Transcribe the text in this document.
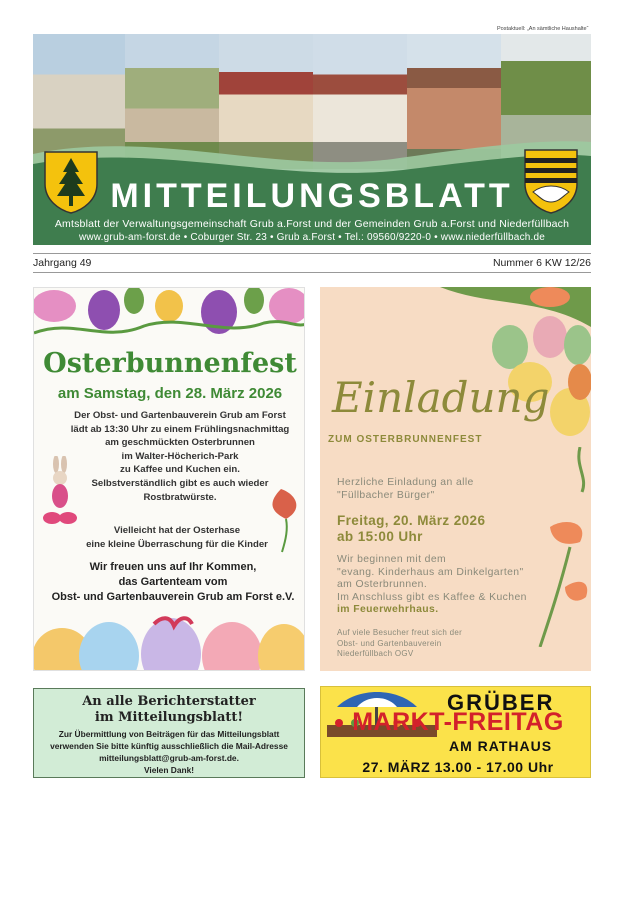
Postaktuell: „An sämtliche Haushalte“
MITTEILUNGSBLATT
Amtsblatt der Verwaltungsgemeinschaft Grub a.Forst und der Gemeinden Grub a.Forst und Niederfüllbach
www.grub-am-forst.de • Coburger Str. 23 • Grub a.Forst • Tel.: 09560/9220-0 • www.niederfüllbach.de
Jahrgang 49	Nummer 6 KW 12/26
Osterbunnenfest
am Samstag, den 28. März 2026
Der Obst- und Gartenbauverein Grub am Forst
lädt ab 13:30 Uhr zu einem Frühlingsnachmittag
am geschmückten Osterbrunnen
im Walter-Höcherich-Park
zu Kaffee und Kuchen ein.
Selbstverständlich gibt es auch wieder
Rostbratwürste.
Vielleicht hat der Osterhase
eine kleine Überraschung für die Kinder
Wir freuen uns auf Ihr Kommen,
das Gartenteam vom
Obst- und Gartenbauverein Grub am Forst e.V.
Einladung
ZUM OSTERBRUNNENFEST
Herzliche Einladung an alle
"Füllbacher Bürger"
Freitag, 20. März 2026
ab 15:00 Uhr
Wir beginnen mit dem
"evang. Kinderhaus am Dinkelgarten"
am Osterbrunnen.
Im Anschluss gibt es Kaffee & Kuchen
im Feuerwehrhaus.
Auf viele Besucher freut sich der
Obst- und Gartenbauverein
Niederfüllbach OGV
An alle Berichterstatter
im Mitteilungsblatt!
Zur Übermittlung von Beiträgen für das Mitteilungsblatt
verwenden Sie bitte künftig ausschließlich die Mail-Adresse
mitteilungsblatt@grub-am-forst.de.
Vielen Dank!
GRÜBER
MARKT-FREITAG
AM RATHAUS
27. MÄRZ 13.00 - 17.00 Uhr
